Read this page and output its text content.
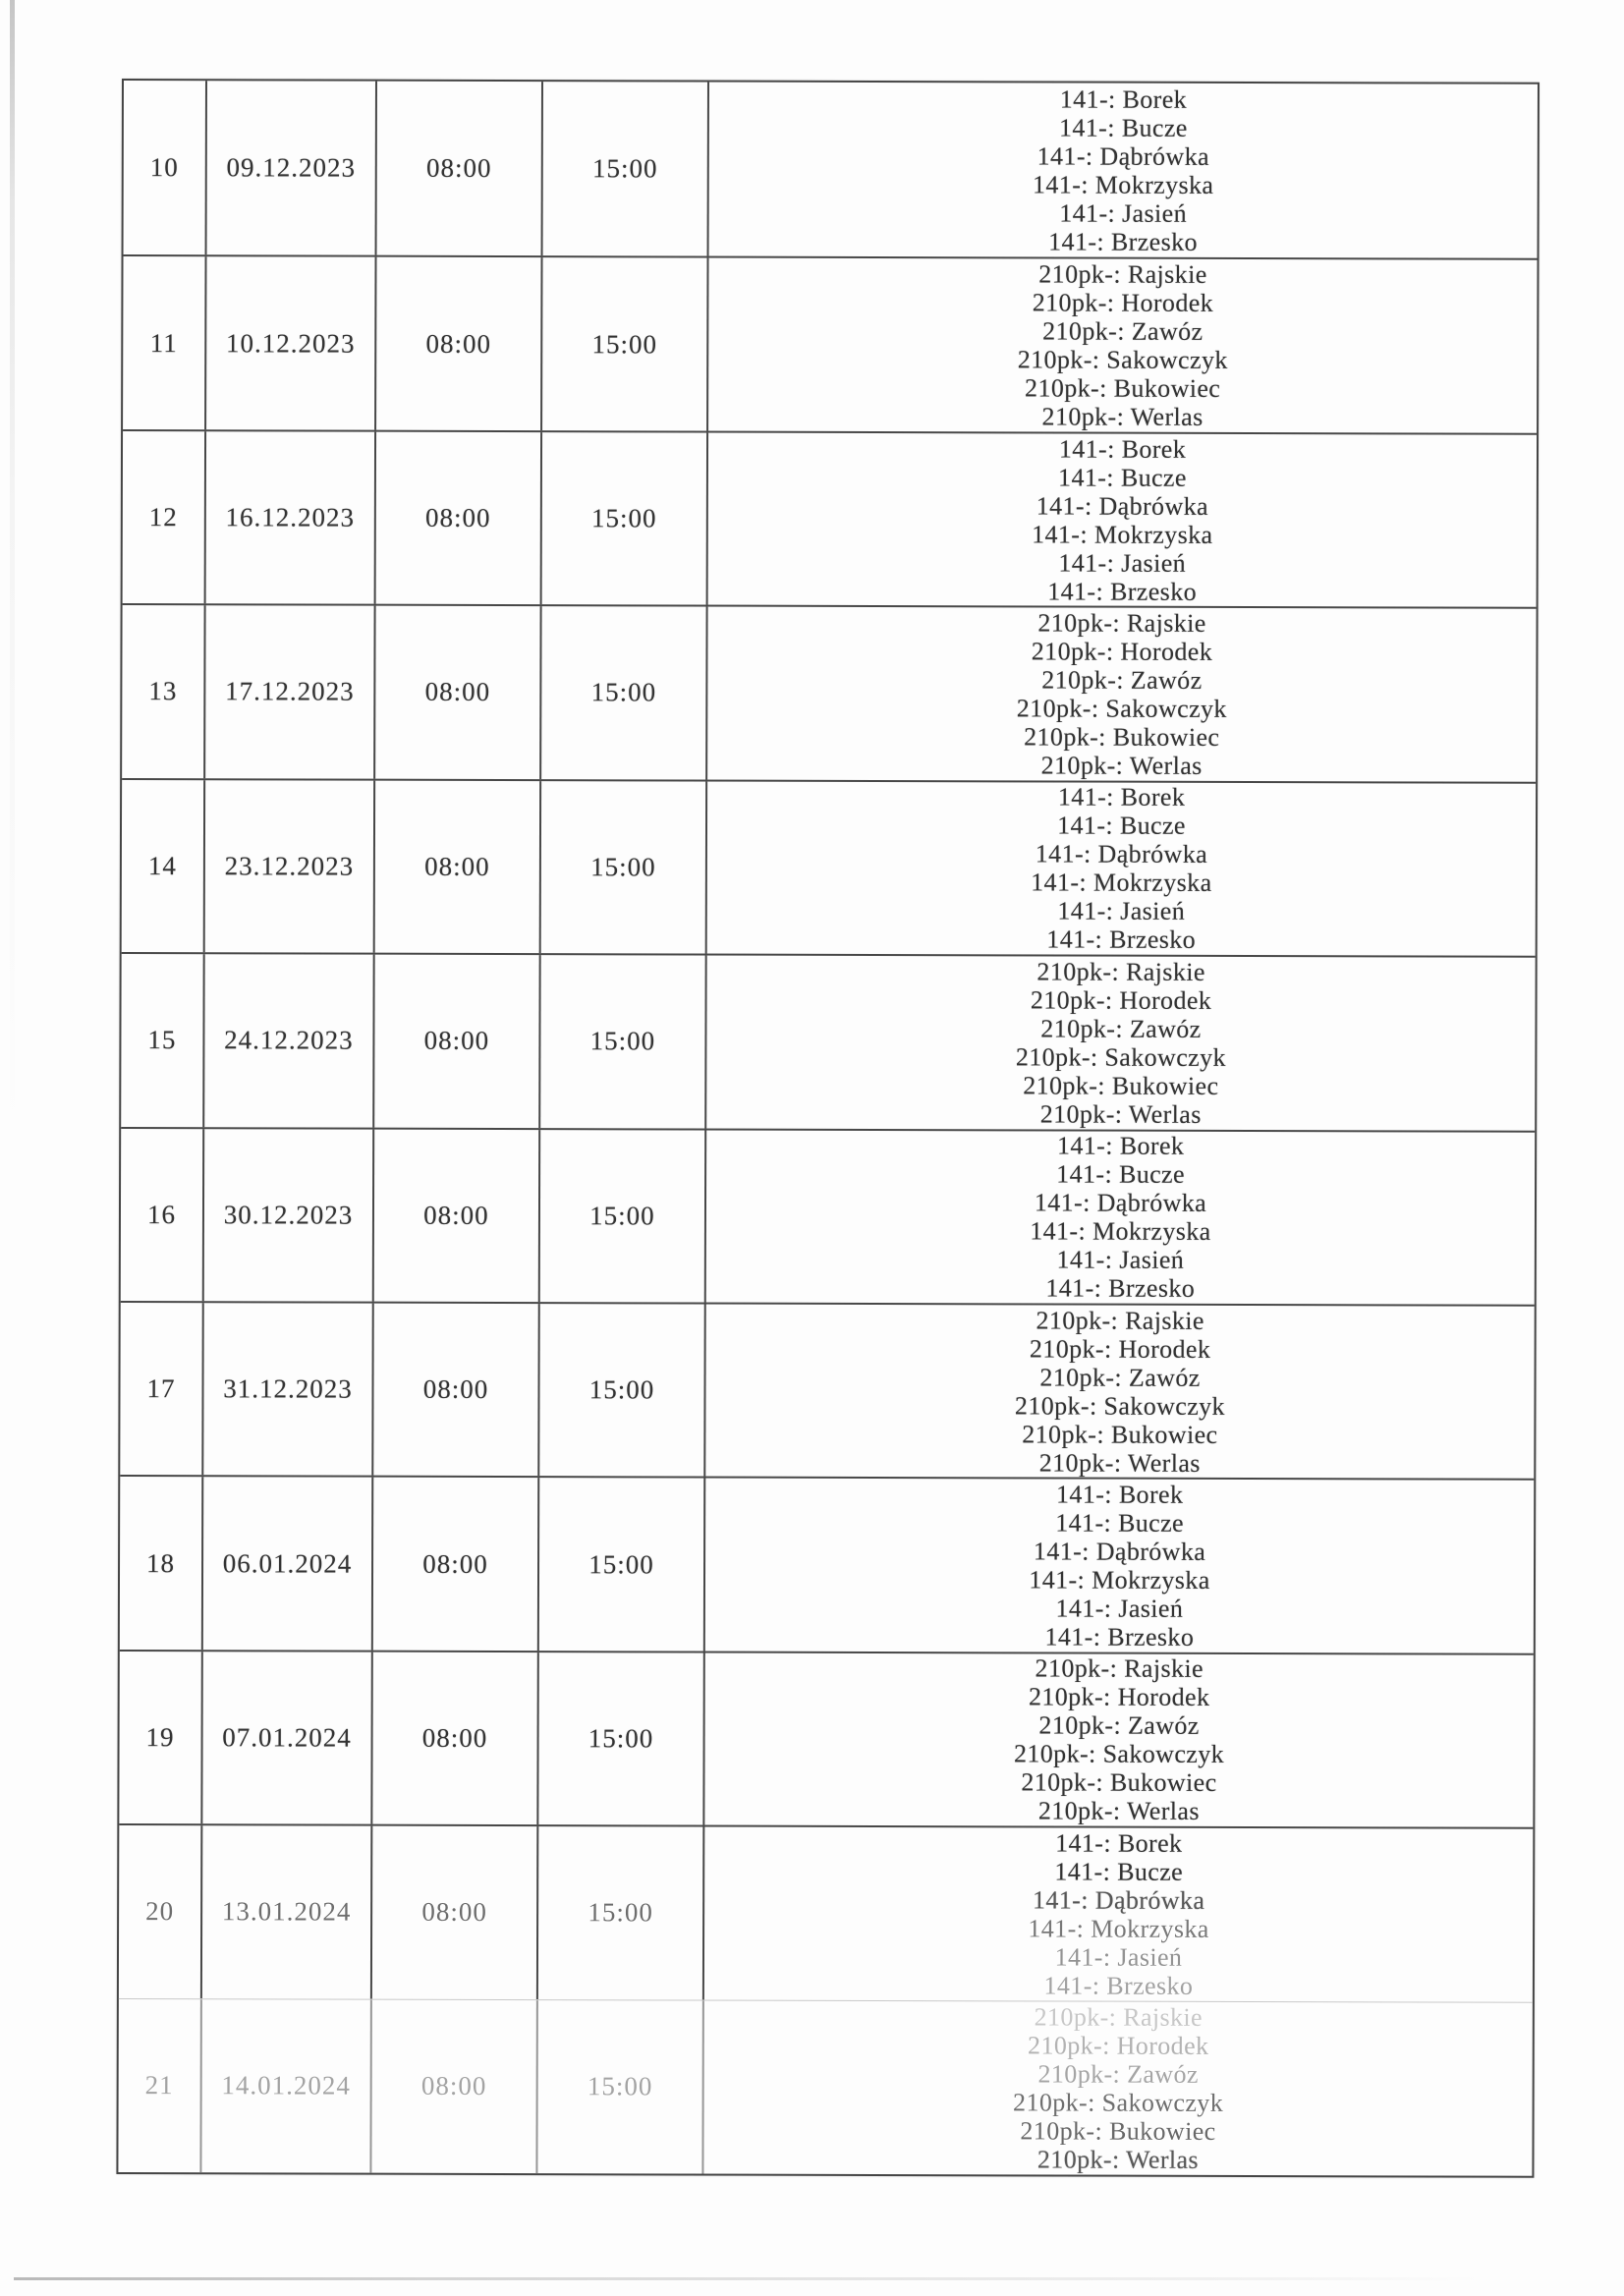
10	09.12.2023	08:00	15:00
141-: Borek
141-: Bucze
141-: Dąbrówka
141-: Mokrzyska
141-: Jasień
141-: Brzesko
11	10.12.2023	08:00	15:00
210pk-: Rajskie
210pk-: Horodek
210pk-: Zawóz
210pk-: Sakowczyk
210pk-: Bukowiec
210pk-: Werlas
12	16.12.2023	08:00	15:00
141-: Borek
141-: Bucze
141-: Dąbrówka
141-: Mokrzyska
141-: Jasień
141-: Brzesko
13	17.12.2023	08:00	15:00
210pk-: Rajskie
210pk-: Horodek
210pk-: Zawóz
210pk-: Sakowczyk
210pk-: Bukowiec
210pk-: Werlas
14	23.12.2023	08:00	15:00
141-: Borek
141-: Bucze
141-: Dąbrówka
141-: Mokrzyska
141-: Jasień
141-: Brzesko
15	24.12.2023	08:00	15:00
210pk-: Rajskie
210pk-: Horodek
210pk-: Zawóz
210pk-: Sakowczyk
210pk-: Bukowiec
210pk-: Werlas
16	30.12.2023	08:00	15:00
141-: Borek
141-: Bucze
141-: Dąbrówka
141-: Mokrzyska
141-: Jasień
141-: Brzesko
17	31.12.2023	08:00	15:00
210pk-: Rajskie
210pk-: Horodek
210pk-: Zawóz
210pk-: Sakowczyk
210pk-: Bukowiec
210pk-: Werlas
18	06.01.2024	08:00	15:00
141-: Borek
141-: Bucze
141-: Dąbrówka
141-: Mokrzyska
141-: Jasień
141-: Brzesko
19	07.01.2024	08:00	15:00
210pk-: Rajskie
210pk-: Horodek
210pk-: Zawóz
210pk-: Sakowczyk
210pk-: Bukowiec
210pk-: Werlas
20	13.01.2024	08:00	15:00
141-: Borek
141-: Bucze
141-: Dąbrówka
141-: Mokrzyska
141-: Jasień
141-: Brzesko
21	14.01.2024	08:00	15:00
210pk-: Rajskie
210pk-: Horodek
210pk-: Zawóz
210pk-: Sakowczyk
210pk-: Bukowiec
210pk-: Werlas
